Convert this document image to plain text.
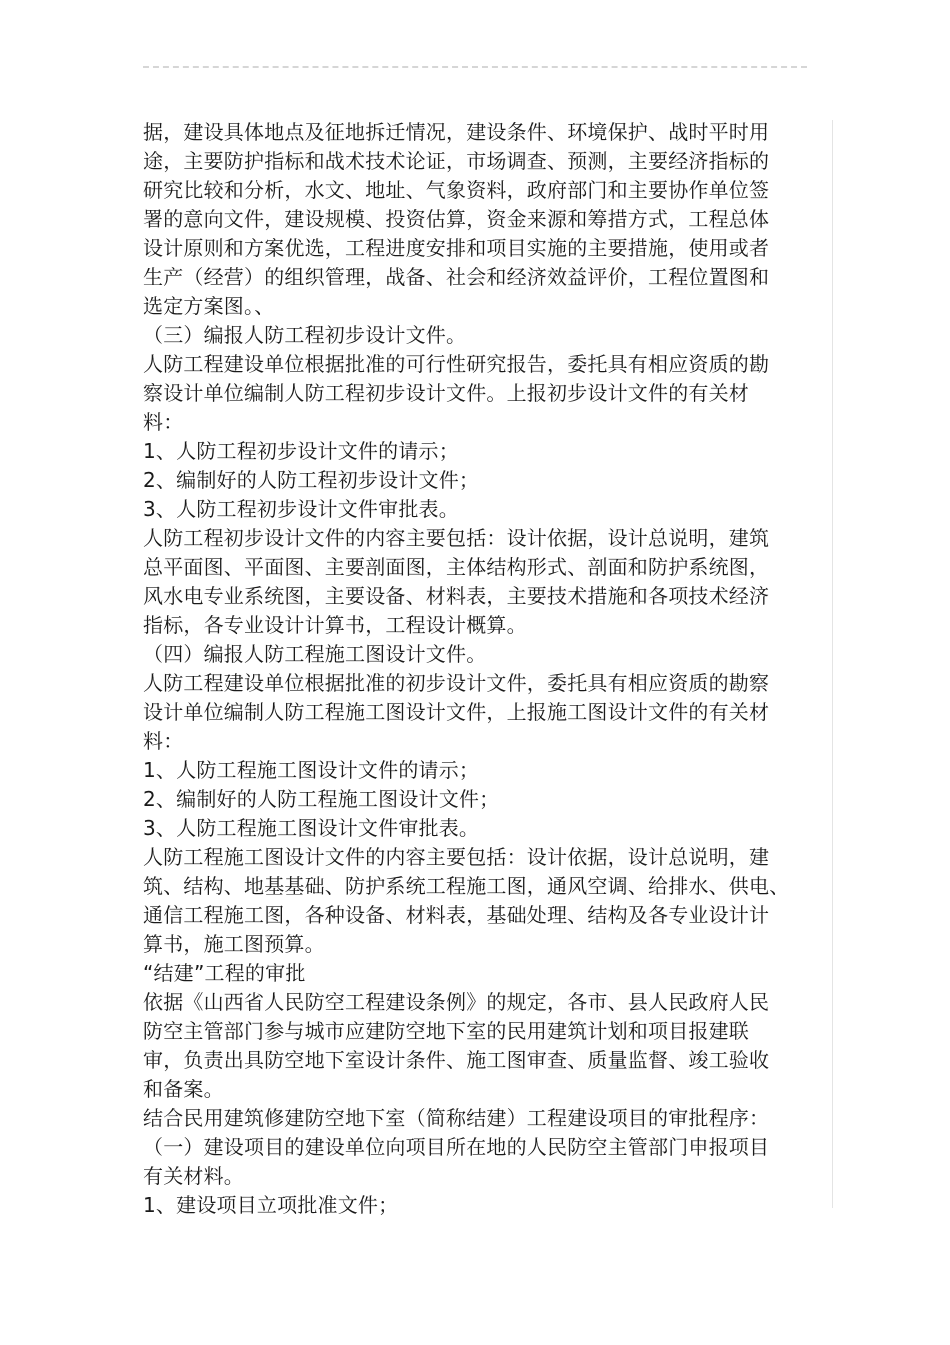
据，建设具体地点及征地拆迁情况，建设条件、环境保护、战时平时用
途，主要防护指标和战术技术论证，市场调查、预测，主要经济指标的
研究比较和分析，水文、地址、气象资料，政府部门和主要协作单位签
署的意向文件，建设规模、投资估算，资金来源和筹措方式，工程总体
设计原则和方案优选，工程进度安排和项目实施的主要措施，使用或者
生产（经营）的组织管理，战备、社会和经济效益评价，工程位置图和
选定方案图。、
（三）编报人防工程初步设计文件。
人防工程建设单位根据批准的可行性研究报告，委托具有相应资质的勘
察设计单位编制人防工程初步设计文件。上报初步设计文件的有关材
料：
1、人防工程初步设计文件的请示；
2、编制好的人防工程初步设计文件；
3、人防工程初步设计文件审批表。
人防工程初步设计文件的内容主要包括：设计依据，设计总说明，建筑
总平面图、平面图、主要剖面图，主体结构形式、剖面和防护系统图，
风水电专业系统图，主要设备、材料表，主要技术措施和各项技术经济
指标，各专业设计计算书，工程设计概算。
（四）编报人防工程施工图设计文件。
人防工程建设单位根据批准的初步设计文件，委托具有相应资质的勘察
设计单位编制人防工程施工图设计文件，上报施工图设计文件的有关材
料：
1、人防工程施工图设计文件的请示；
2、编制好的人防工程施工图设计文件；
3、人防工程施工图设计文件审批表。
人防工程施工图设计文件的内容主要包括：设计依据，设计总说明，建
筑、结构、地基基础、防护系统工程施工图，通风空调、给排水、供电、
通信工程施工图，各种设备、材料表，基础处理、结构及各专业设计计
算书，施工图预算。
“结建”工程的审批
依据《山西省人民防空工程建设条例》的规定，各市、县人民政府人民
防空主管部门参与城市应建防空地下室的民用建筑计划和项目报建联
审，负责出具防空地下室设计条件、施工图审查、质量监督、竣工验收
和备案。
结合民用建筑修建防空地下室（简称结建）工程建设项目的审批程序：
（一）建设项目的建设单位向项目所在地的人民防空主管部门申报项目
有关材料。
1、建设项目立项批准文件；
